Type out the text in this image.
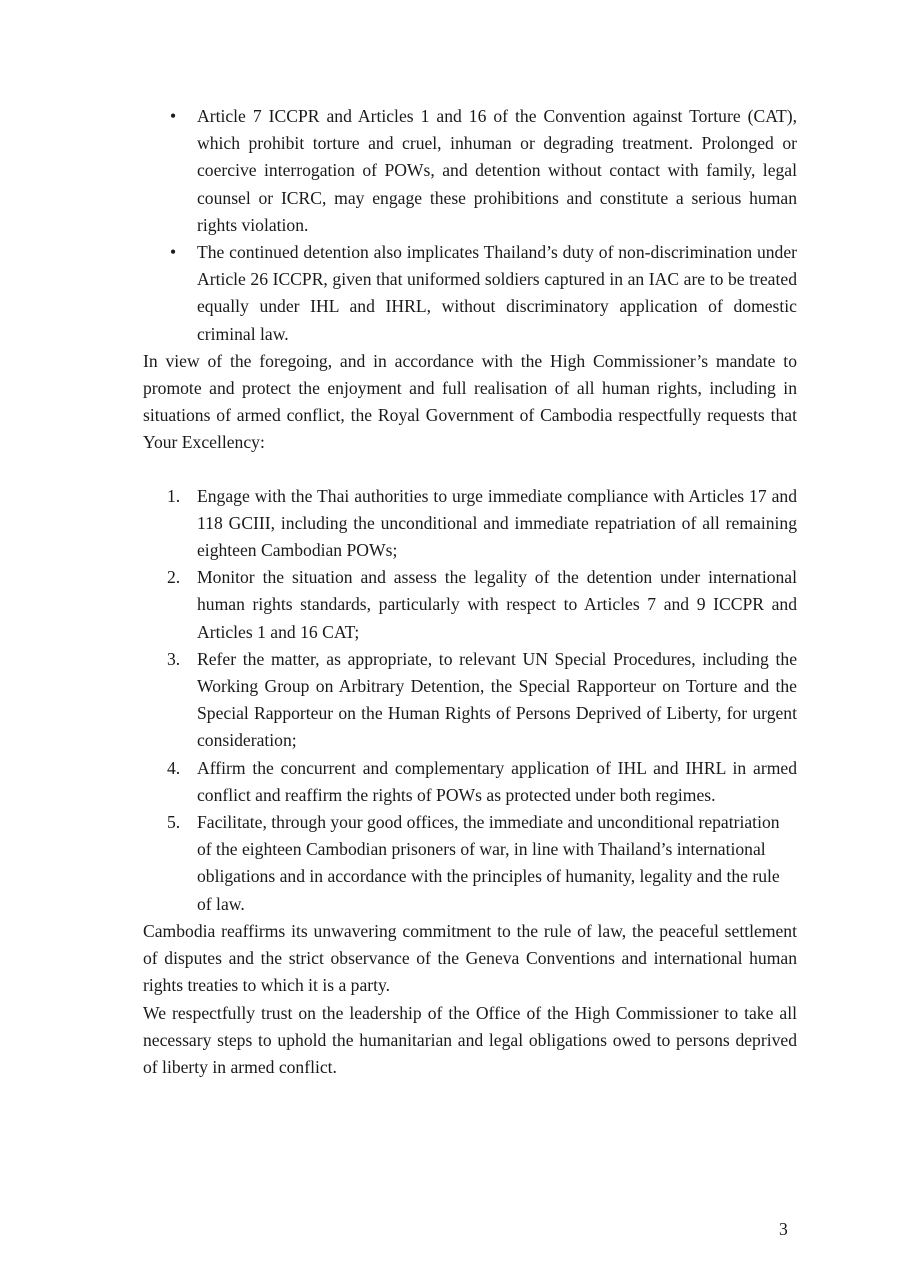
• Article 7 ICCPR and Articles 1 and 16 of the Convention against Torture (CAT), which prohibit torture and cruel, inhuman or degrading treatment. Prolonged or coercive interrogation of POWs, and detention without contact with family, legal counsel or ICRC, may engage these prohibitions and constitute a serious human rights violation.
• The continued detention also implicates Thailand’s duty of non-discrimination under Article 26 ICCPR, given that uniformed soldiers captured in an IAC are to be treated equally under IHL and IHRL, without discriminatory application of domestic criminal law.

In view of the foregoing, and in accordance with the High Commissioner’s mandate to promote and protect the enjoyment and full realisation of all human rights, including in situations of armed conflict, the Royal Government of Cambodia respectfully requests that Your Excellency:

1. Engage with the Thai authorities to urge immediate compliance with Articles 17 and 118 GCIII, including the unconditional and immediate repatriation of all remaining eighteen Cambodian POWs;
2. Monitor the situation and assess the legality of the detention under international human rights standards, particularly with respect to Articles 7 and 9 ICCPR and Articles 1 and 16 CAT;
3. Refer the matter, as appropriate, to relevant UN Special Procedures, including the Working Group on Arbitrary Detention, the Special Rapporteur on Torture and the Special Rapporteur on the Human Rights of Persons Deprived of Liberty, for urgent consideration;
4. Affirm the concurrent and complementary application of IHL and IHRL in armed conflict and reaffirm the rights of POWs as protected under both regimes.
5. Facilitate, through your good offices, the immediate and unconditional repatriation of the eighteen Cambodian prisoners of war, in line with Thailand’s international obligations and in accordance with the principles of humanity, legality and the rule of law.

Cambodia reaffirms its unwavering commitment to the rule of law, the peaceful settlement of disputes and the strict observance of the Geneva Conventions and international human rights treaties to which it is a party.

We respectfully trust on the leadership of the Office of the High Commissioner to take all necessary steps to uphold the humanitarian and legal obligations owed to persons deprived of liberty in armed conflict.

3
